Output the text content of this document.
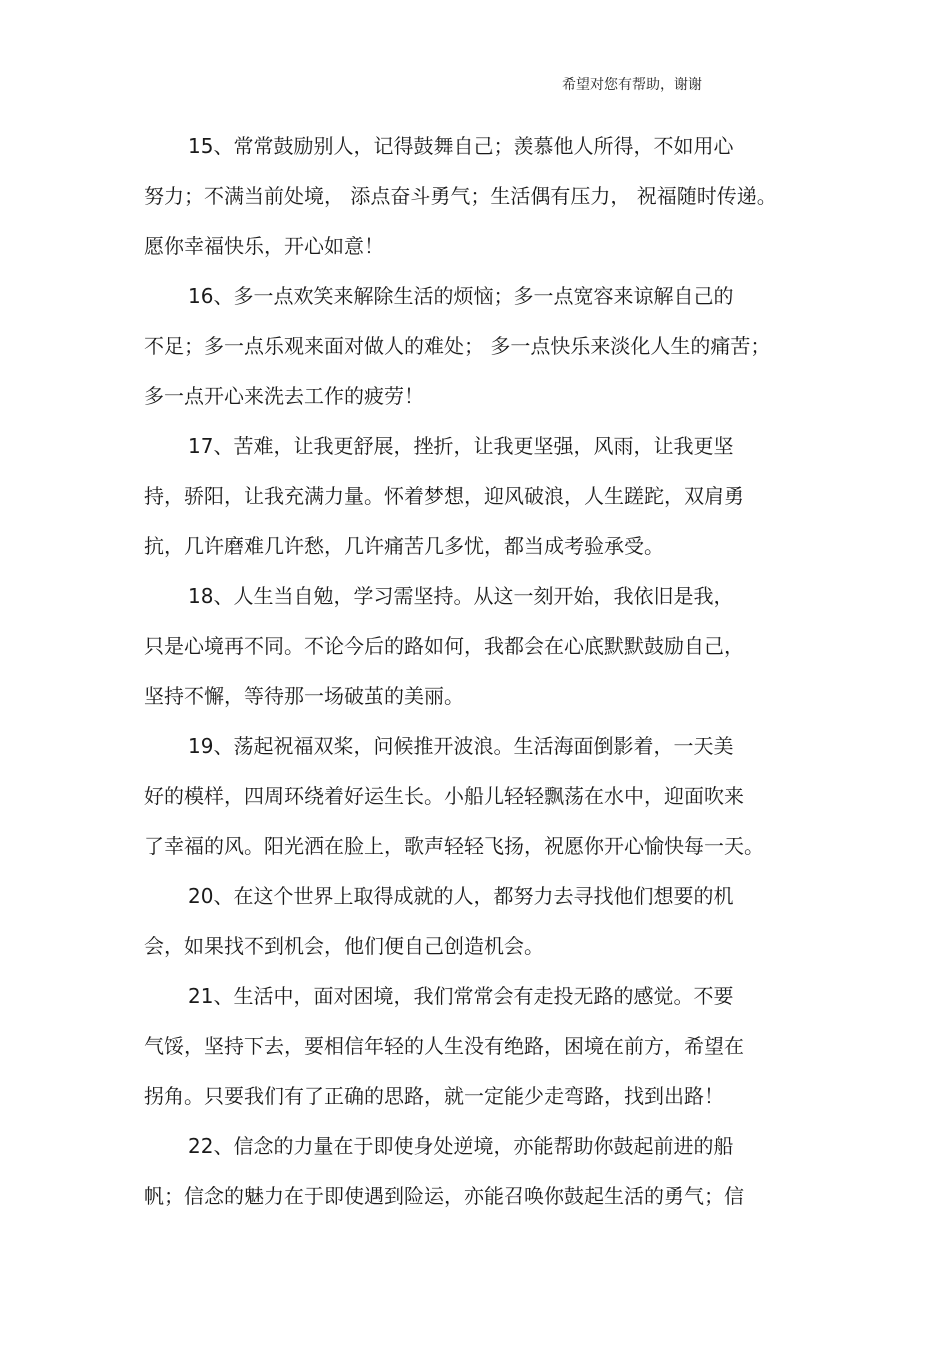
希望对您有帮助，谢谢
15、常常鼓励别人，记得鼓舞自己；羡慕他人所得，不如用心
努力；不满当前处境， 添点奋斗勇气；生活偶有压力， 祝福随时传递。
愿你幸福快乐，开心如意！
16、多一点欢笑来解除生活的烦恼；多一点宽容来谅解自己的
不足；多一点乐观来面对做人的难处； 多一点快乐来淡化人生的痛苦；
多一点开心来洗去工作的疲劳！
17、苦难，让我更舒展，挫折，让我更坚强，风雨，让我更坚
持，骄阳，让我充满力量。怀着梦想，迎风破浪，人生蹉跎，双肩勇
抗，几许磨难几许愁，几许痛苦几多忧，都当成考验承受。
18、人生当自勉，学习需坚持。从这一刻开始，我依旧是我，
只是心境再不同。不论今后的路如何，我都会在心底默默鼓励自己，
坚持不懈，等待那一场破茧的美丽。
19、荡起祝福双桨，问候推开波浪。生活海面倒影着，一天美
好的模样，四周环绕着好运生长。小船儿轻轻飘荡在水中，迎面吹来
了幸福的风。阳光洒在脸上，歌声轻轻飞扬，祝愿你开心愉快每一天。
20、在这个世界上取得成就的人，都努力去寻找他们想要的机
会，如果找不到机会，他们便自己创造机会。
21、生活中，面对困境，我们常常会有走投无路的感觉。不要
气馁，坚持下去，要相信年轻的人生没有绝路，困境在前方，希望在
拐角。只要我们有了正确的思路，就一定能少走弯路，找到出路！
22、信念的力量在于即使身处逆境，亦能帮助你鼓起前进的船
帆；信念的魅力在于即使遇到险运，亦能召唤你鼓起生活的勇气；信
